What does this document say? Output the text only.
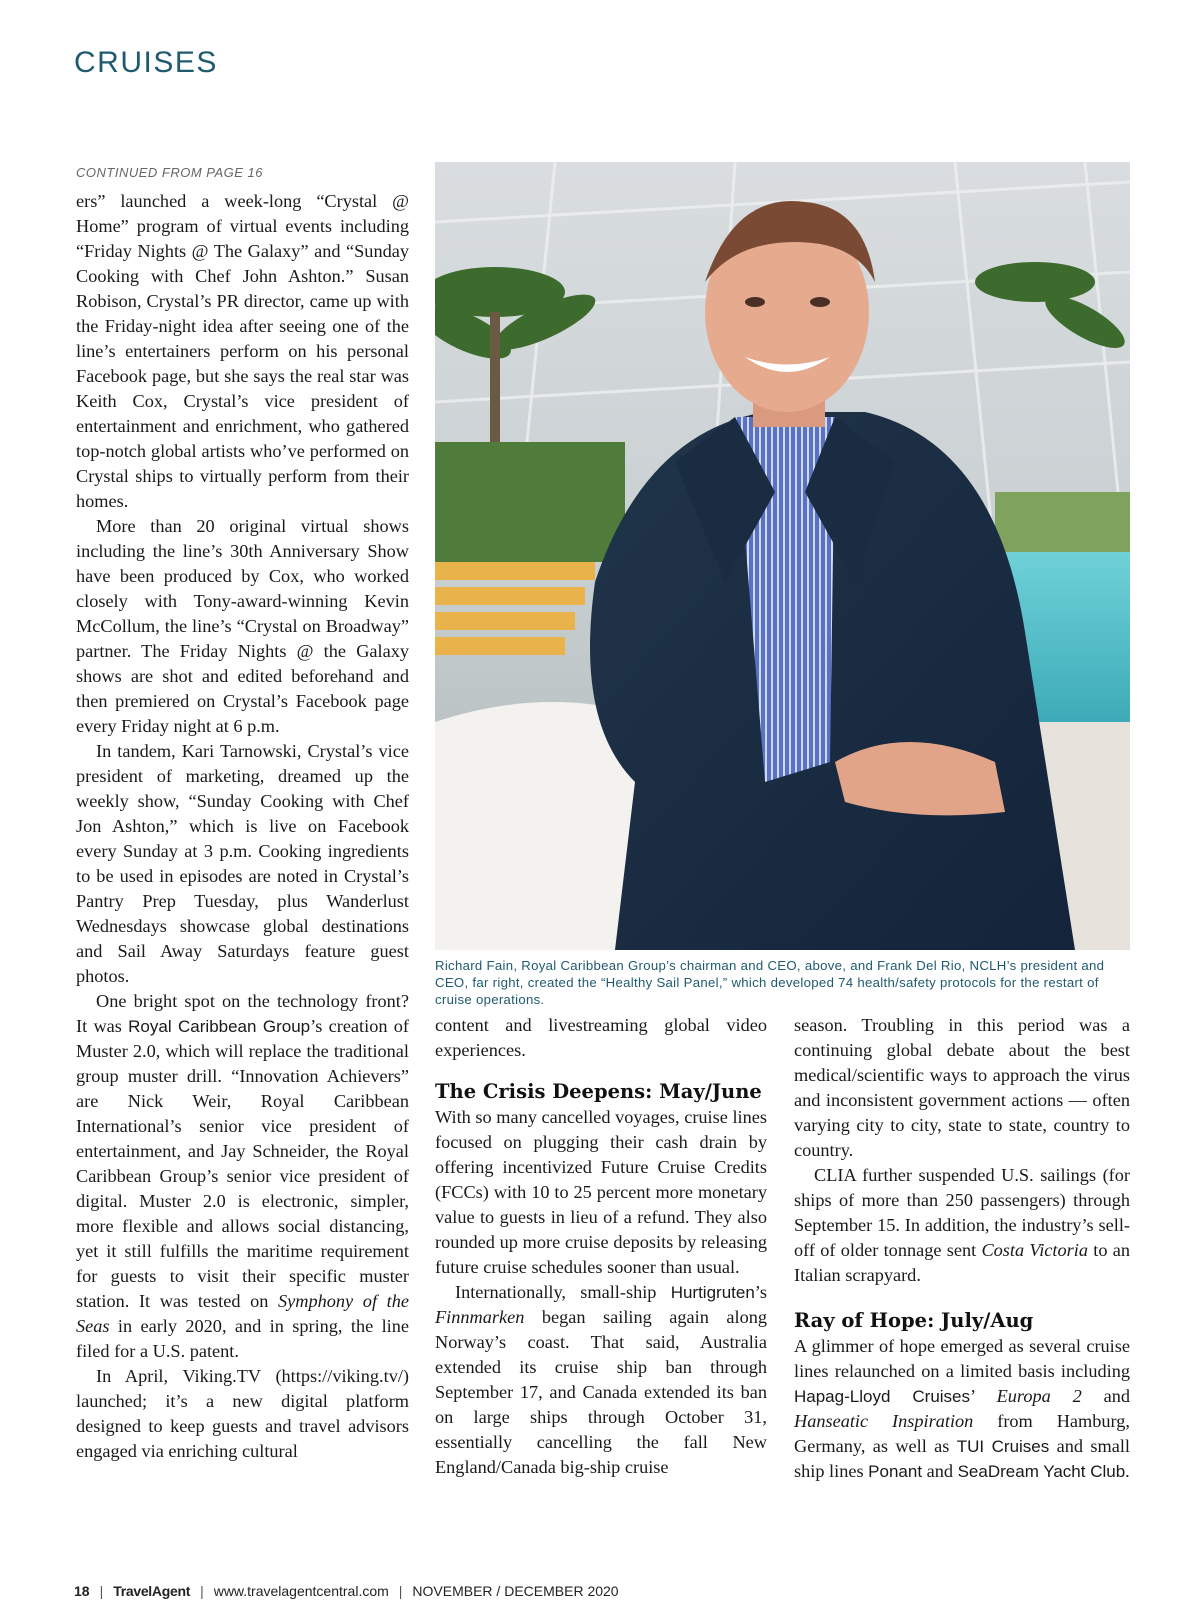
CRUISES
CONTINUED FROM PAGE 16

ers” launched a week-long “Crystal @ Home” program of virtual events including “Friday Nights @ The Galaxy” and “Sunday Cooking with Chef John Ashton.” Susan Robison, Crystal’s PR director, came up with the Friday-night idea after seeing one of the line’s entertainers perform on his personal Facebook page, but she says the real star was Keith Cox, Crystal’s vice president of entertainment and enrichment, who gathered top-notch global artists who’ve performed on Crystal ships to virtually perform from their homes.

More than 20 original virtual shows including the line’s 30th Anniversary Show have been produced by Cox, who worked closely with Tony-award-winning Kevin McCollum, the line’s “Crystal on Broadway” partner. The Friday Nights @ the Galaxy shows are shot and edited beforehand and then premiered on Crystal’s Facebook page every Friday night at 6 p.m.

In tandem, Kari Tarnowski, Crystal’s vice president of marketing, dreamed up the weekly show, “Sunday Cooking with Chef Jon Ashton,” which is live on Facebook every Sunday at 3 p.m. Cooking ingredients to be used in episodes are noted in Crystal’s Pantry Prep Tuesday, plus Wanderlust Wednesdays showcase global destinations and Sail Away Saturdays feature guest photos.

One bright spot on the technology front? It was Royal Caribbean Group’s creation of Muster 2.0, which will replace the traditional group muster drill. “Innovation Achievers” are Nick Weir, Royal Caribbean International’s senior vice president of entertainment, and Jay Schneider, the Royal Caribbean Group’s senior vice president of digital. Muster 2.0 is electronic, simpler, more flexible and allows social distancing, yet it still fulfills the maritime requirement for guests to visit their specific muster station. It was tested on Symphony of the Seas in early 2020, and in spring, the line filed for a U.S. patent.

In April, Viking.TV (https://viking.tv/) launched; it’s a new digital platform designed to keep guests and travel advisors engaged via enriching cultural

Richard Fain, Royal Caribbean Group’s chairman and CEO, above, and Frank Del Rio, NCLH’s president and CEO, far right, created the “Healthy Sail Panel,” which developed 74 health/safety protocols for the restart of cruise operations.

content and livestreaming global video experiences.

The Crisis Deepens: May/June

With so many cancelled voyages, cruise lines focused on plugging their cash drain by offering incentivized Future Cruise Credits (FCCs) with 10 to 25 percent more monetary value to guests in lieu of a refund. They also rounded up more cruise deposits by releasing future cruise schedules sooner than usual.

Internationally, small-ship Hurtigruten’s Finnmarken began sailing again along Norway’s coast. That said, Australia extended its cruise ship ban through September 17, and Canada extended its ban on large ships through October 31, essentially cancelling the fall New England/Canada big-ship cruise

season. Troubling in this period was a continuing global debate about the best medical/scientific ways to approach the virus and inconsistent government actions — often varying city to city, state to state, country to country.

CLIA further suspended U.S. sailings (for ships of more than 250 passengers) through September 15. In addition, the industry’s sell-off of older tonnage sent Costa Victoria to an Italian scrapyard.

Ray of Hope: July/Aug

A glimmer of hope emerged as several cruise lines relaunched on a limited basis including Hapag-Lloyd Cruises’ Europa 2 and Hanseatic Inspiration from Hamburg, Germany, as well as TUI Cruises and small ship lines Ponant and SeaDream Yacht Club.

18 | TravelAgent | www.travelagentcentral.com | NOVEMBER / DECEMBER 2020
